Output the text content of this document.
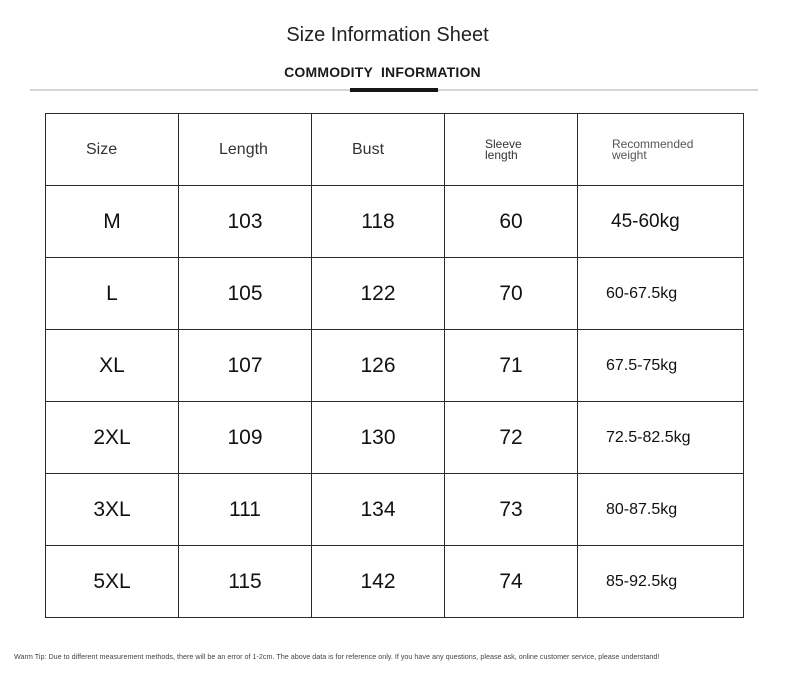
Size Information Sheet
COMMODITY  INFORMATION
Size	Length	Bust	Sleeve length	Recommended weight

M	103	118	60	45-60kg
L	105	122	70	60-67.5kg
XL	107	126	71	67.5-75kg
2XL	109	130	72	72.5-82.5kg
3XL	111	134	73	80-87.5kg
5XL	115	142	74	85-92.5kg
Warm Tip: Due to different measurement methods, there will be an error of 1-2cm. The above data is for reference only. If you have any questions, please ask, online customer service, please understand!
